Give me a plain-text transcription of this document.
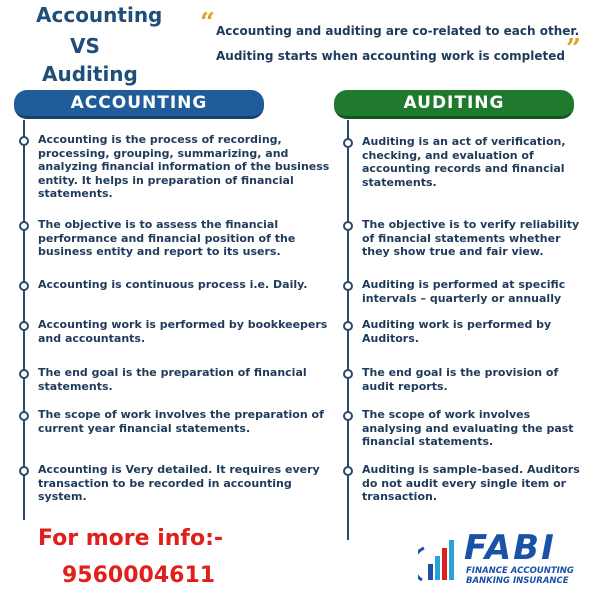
Accounting
VS
Auditing
“ Accounting and auditing are co-related to each other.
Auditing starts when accounting work is completed ”
ACCOUNTING	AUDITING
Accounting is the process of recording, processing, grouping, summarizing, and analyzing financial information of the business entity. It helps in preparation of financial statements.
The objective is to assess the financial performance and financial position of the business entity and report to its users.
Accounting is continuous process i.e. Daily.
Accounting work is performed by bookkeepers and accountants.
The end goal is the preparation of financial statements.
The scope of work involves the preparation of current year financial statements.
Accounting is Very detailed. It requires every transaction to be recorded in accounting system.
Auditing is an act of verification, checking, and evaluation of accounting records and financial statements.
The objective is to verify reliability of financial statements whether they show true and fair view.
Auditing is performed at specific intervals – quarterly or annually
Auditing work is performed by Auditors.
The end goal is the provision of audit reports.
The scope of work involves analysing and evaluating the past financial statements.
Auditing is sample-based. Auditors do not audit every single item or transaction.
For more info:-
9560004611
FABI
FINANCE ACCOUNTING
BANKING INSURANCE
